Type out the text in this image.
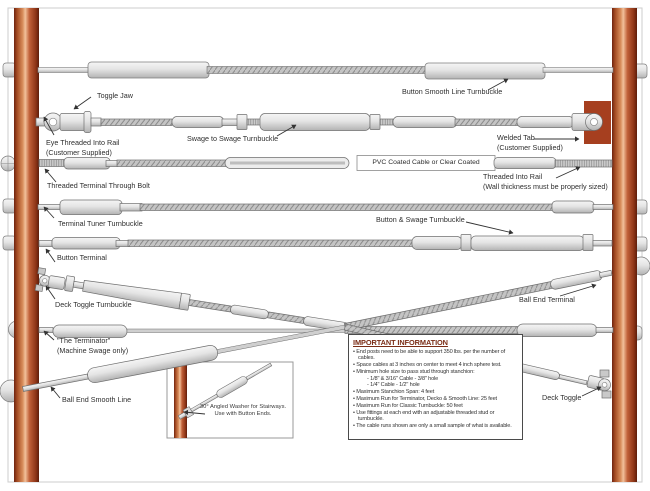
Toggle Jaw
Eye Threaded Into Rail
(Customer Supplied)
Swage to Swage Turnbuckle
Button Smooth Line Turnbuckle
Welded Tab
(Customer Supplied)
Threaded Terminal Through Bolt
PVC Coated Cable or Clear Coated
Threaded Into Rail
(Wall thickness must be properly sized)
Terminal Tuner Turnbuckle	Button & Swage Turnbuckle
Button Terminal
Deck Toggle Turnbuckle
"The Terminator"
(Machine Swage only)
Ball End Smooth Line
Ball End Terminal
Deck Toggle
30° Angled Washer for Stairways.
Use with Button Ends.
IMPORTANT INFORMATION
• End posts need to be able to support 350 lbs. per the number of cables.
• Space cables at 3 inches on center to meet 4 inch sphere test.
• Minimum hole size to pass stud through stanchion:
- 1/8" & 3/16" Cable - 3/8" hole
- 1/4" Cable - 1/2" hole
• Maximum Stanchion Span: 4 feet
• Maximum Run for Terminator, Decko & Smooth Line: 25 feet
• Maximum Run for Classic Turnbuckle: 50 feet
• Use fittings at each end with an adjustable threaded stud or turnbuckle.
• The cable runs shown are only a small sample of what is available.
